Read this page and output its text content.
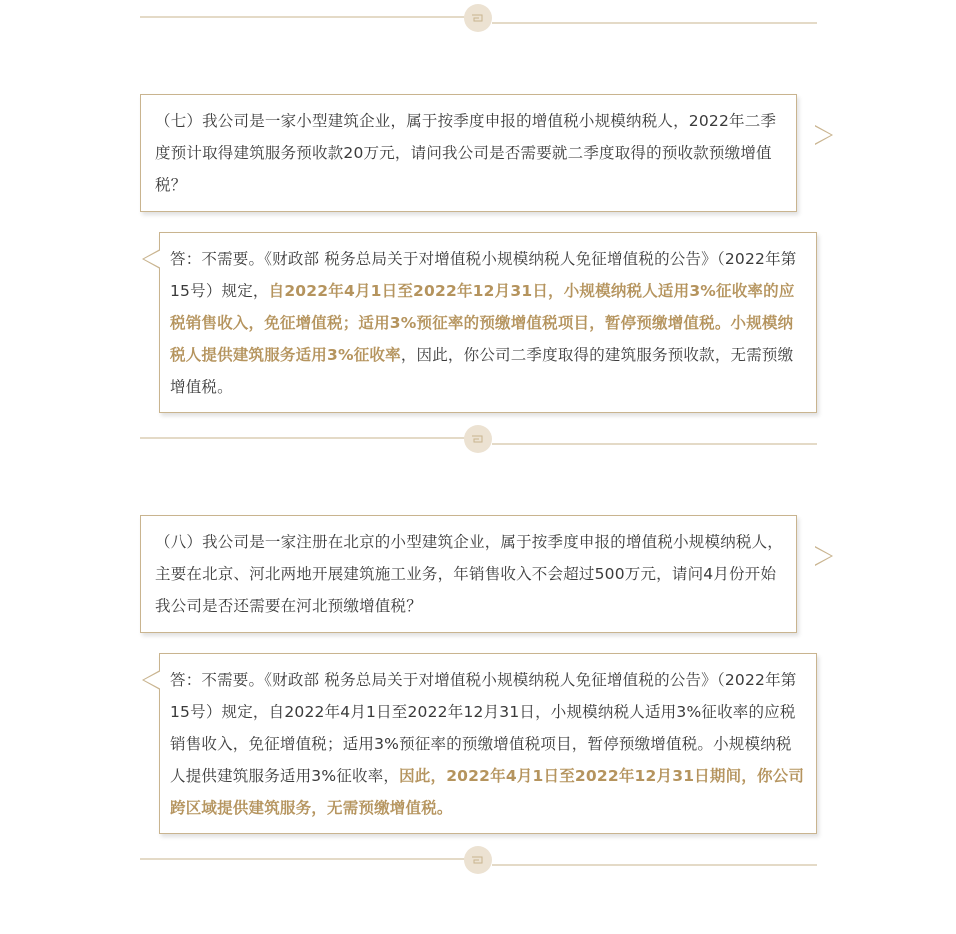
（七）我公司是一家小型建筑企业，属于按季度申报的增值税小规模纳税人，2022年二季度预计取得建筑服务预收款20万元，请问我公司是否需要就二季度取得的预收款预缴增值税？
答：不需要。《财政部 税务总局关于对增值税小规模纳税人免征增值税的公告》（2022年第15号）规定，自2022年4月1日至2022年12月31日，小规模纳税人适用3%征收率的应税销售收入，免征增值税；适用3%预征率的预缴增值税项目，暂停预缴增值税。小规模纳税人提供建筑服务适用3%征收率，因此，你公司二季度取得的建筑服务预收款，无需预缴增值税。
（八）我公司是一家注册在北京的小型建筑企业，属于按季度申报的增值税小规模纳税人，主要在北京、河北两地开展建筑施工业务，年销售收入不会超过500万元，请问4月份开始我公司是否还需要在河北预缴增值税？
答：不需要。《财政部 税务总局关于对增值税小规模纳税人免征增值税的公告》（2022年第15号）规定，自2022年4月1日至2022年12月31日，小规模纳税人适用3%征收率的应税销售收入，免征增值税；适用3%预征率的预缴增值税项目，暂停预缴增值税。小规模纳税人提供建筑服务适用3%征收率，因此，2022年4月1日至2022年12月31日期间，你公司跨区域提供建筑服务，无需预缴增值税。
